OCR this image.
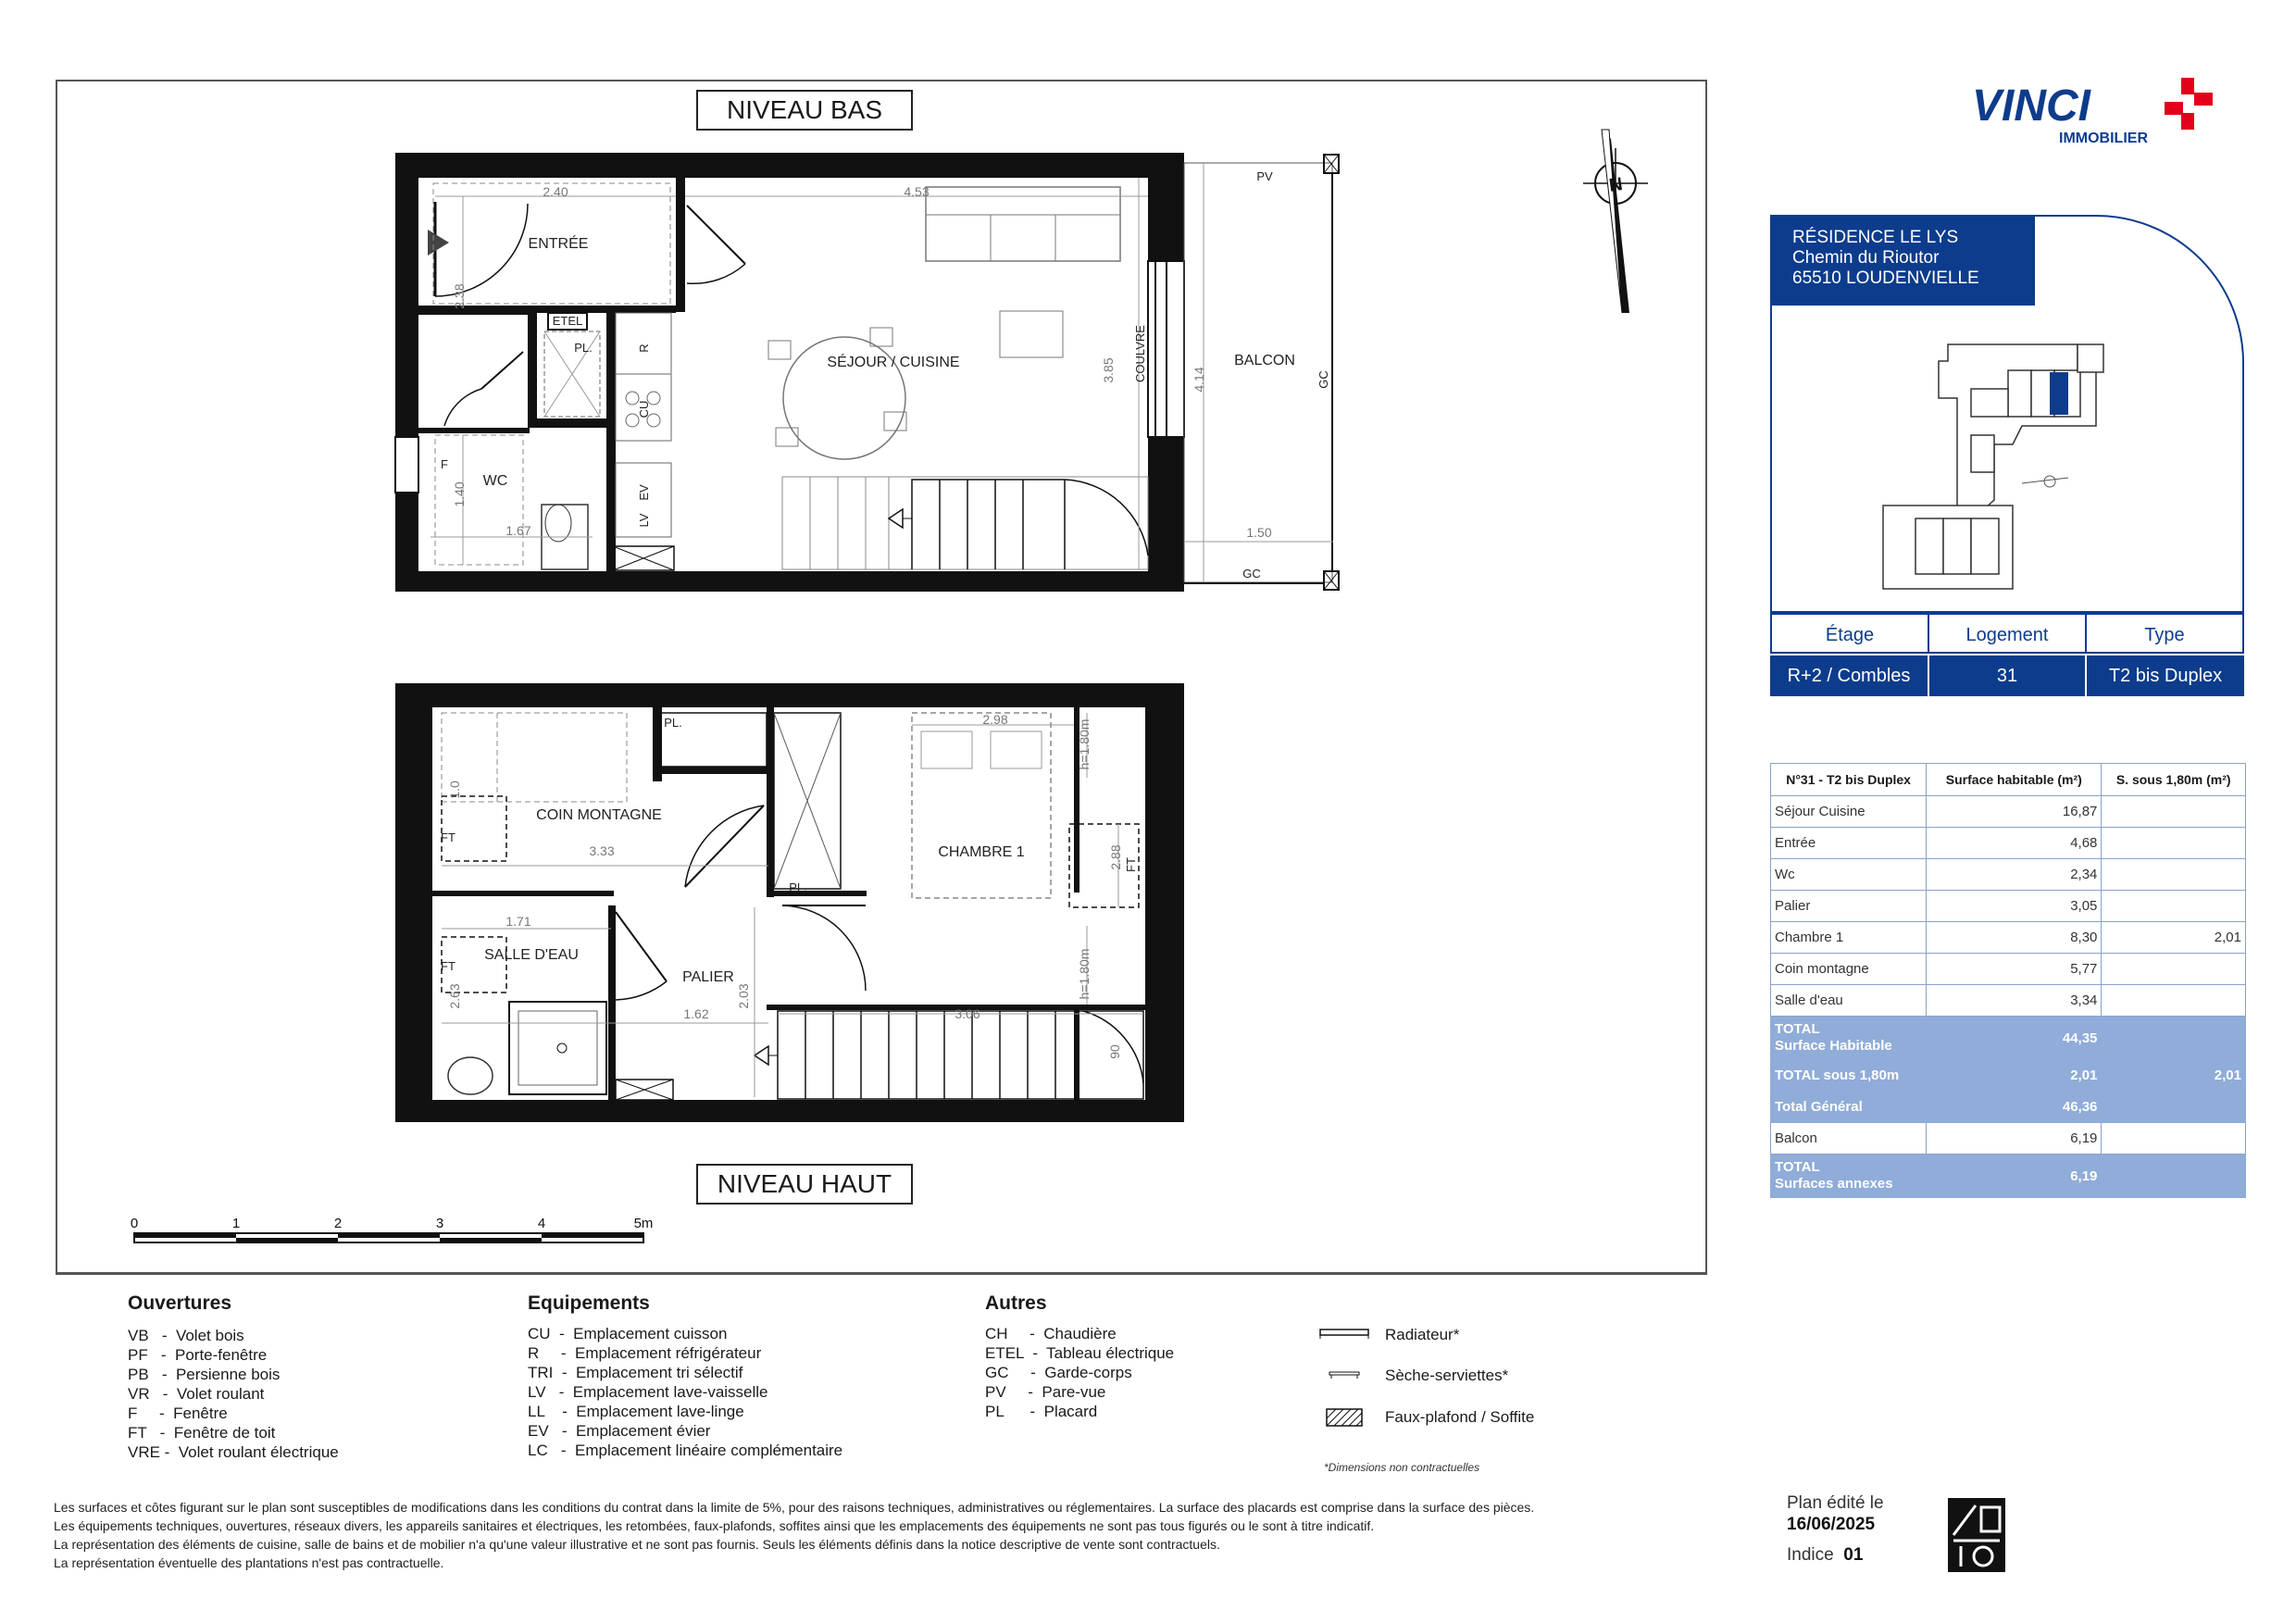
ENTRÉE
SÉJOUR / CUISINE	BALCON
WC
ETEL
PL.	R
CU
EV
LV
COULVRE
PV
GC
GC
F
2.40	4.53
2.38
3.85	4.14
1.40
1.67	1.50
COIN MONTAGNE
CHAMBRE 1
SALLE D'EAU
PALIER
PL.
PL.
FT
FT
FT
3.33
1.71
2.98
2.88
2.03
1.62	3.06
2.63
h=1.80m
h=1.80m
90
1.0
N
0	1	2	3	4	5m
NIVEAU BAS
NIVEAU HAUT
VINCI
IMMOBILIER
RÉSIDENCE LE LYS
Chemin du Rioutor
65510 LOUDENVIELLE
Étage	Logement	Type
R+2 / Combles	31	T2 bis Duplex
N°31 - T2 bis Duplex	Surface habitable (m²)	S. sous 1,80m (m²)
Séjour Cuisine	16,87	
Entrée	4,68	
Wc	2,34	
Palier	3,05	
Chambre 1	8,30	2,01
Coin montagne	5,77	
Salle d'eau	3,34	
TOTAL
Surface Habitable	44,35	
TOTAL sous 1,80m	2,01	2,01
Total Général	46,36	
Balcon	6,19	
TOTAL
Surfaces annexes	6,19	
Ouvertures
VB   -  Volet bois
PF   -  Porte-fenêtre
PB   -  Persienne bois
VR   -  Volet roulant
F     -  Fenêtre
FT   -  Fenêtre de toit
VRE -  Volet roulant électrique
Equipements
CU  -  Emplacement cuisson
R     -  Emplacement réfrigérateur
TRI  -  Emplacement tri sélectif
LV   -  Emplacement lave-vaisselle
LL    -  Emplacement lave-linge
EV   -  Emplacement évier
LC   -  Emplacement linéaire complémentaire
Autres
CH     -  Chaudière
ETEL  -  Tableau électrique
GC     -  Garde-corps
PV     -  Pare-vue
PL      -  Placard
Radiateur*
Sèche-serviettes*
Faux-plafond / Soffite
*Dimensions non contractuelles
Les surfaces et côtes figurant sur le plan sont susceptibles de modifications dans les conditions du contrat dans la limite de 5%, pour des raisons techniques, administratives ou réglementaires. La surface des placards est comprise dans la surface des pièces.
Les équipements techniques, ouvertures, réseaux divers, les appareils sanitaires et électriques, les retombées, faux-plafonds, soffites ainsi que les emplacements des équipements ne sont pas tous figurés ou le sont à titre indicatif.
La représentation des éléments de cuisine, salle de bains et de mobilier n'a qu'une valeur illustrative et ne sont pas fournis. Seuls les éléments définis dans la notice descriptive de vente sont contractuels.
La représentation éventuelle des plantations n'est pas contractuelle.
Plan édité le
16/06/2025
Indice 01
